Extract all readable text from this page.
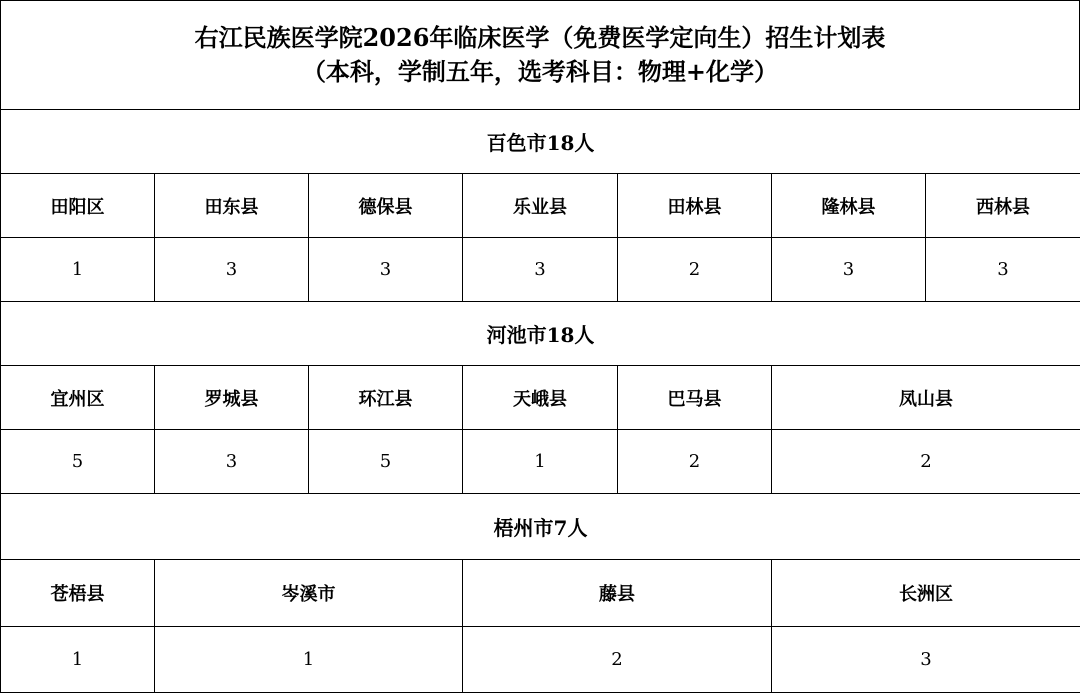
右江民族医学院2026年临床医学（免费医学定向生）招生计划表
（本科，学制五年，选考科目：物理+化学）
百色市18人						
田阳区	田东县	德保县	乐业县	田林县	隆林县	西林县
1	3	3	3	2	3	3
河池市18人						
宜州区	罗城县	环江县	天峨县	巴马县	凤山县	
5	3	5	1	2	2	
梧州市7人						
苍梧县	岑溪市		藤县		长洲区	
1	1		2		3	
